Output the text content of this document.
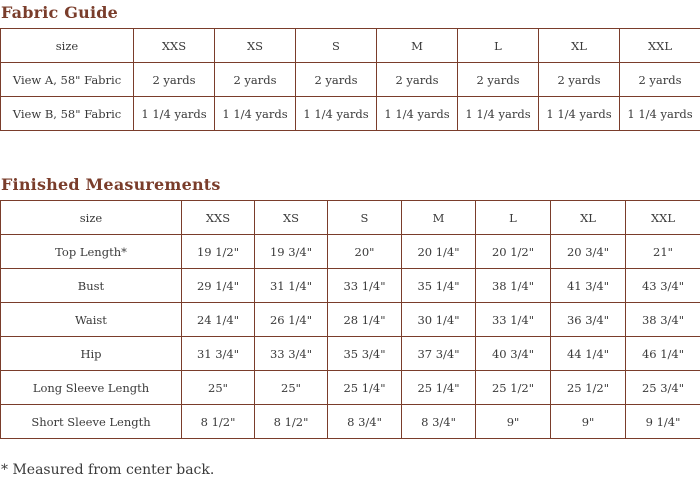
Fabric Guide
size	XXS	XS	S	M	L	XL	XXL
View A, 58" Fabric	2 yards	2 yards	2 yards	2 yards	2 yards	2 yards	2 yards
View B, 58" Fabric	1 1/4 yards	1 1/4 yards	1 1/4 yards	1 1/4 yards	1 1/4 yards	1 1/4 yards	1 1/4 yards
Finished Measurements
size	XXS	XS	S	M	L	XL	XXL
Top Length*	19 1/2"	19 3/4"	20"	20 1/4"	20 1/2"	20 3/4"	21"
Bust	29 1/4"	31 1/4"	33 1/4"	35 1/4"	38 1/4"	41 3/4"	43 3/4"
Waist	24 1/4"	26 1/4"	28 1/4"	30 1/4"	33 1/4"	36 3/4"	38 3/4"
Hip	31 3/4"	33 3/4"	35 3/4"	37 3/4"	40 3/4"	44 1/4"	46 1/4"
Long Sleeve Length	25"	25"	25 1/4"	25 1/4"	25 1/2"	25 1/2"	25 3/4"
Short Sleeve Length	8 1/2"	8 1/2"	8 3/4"	8 3/4"	9"	9"	9 1/4"
* Measured from center back.
